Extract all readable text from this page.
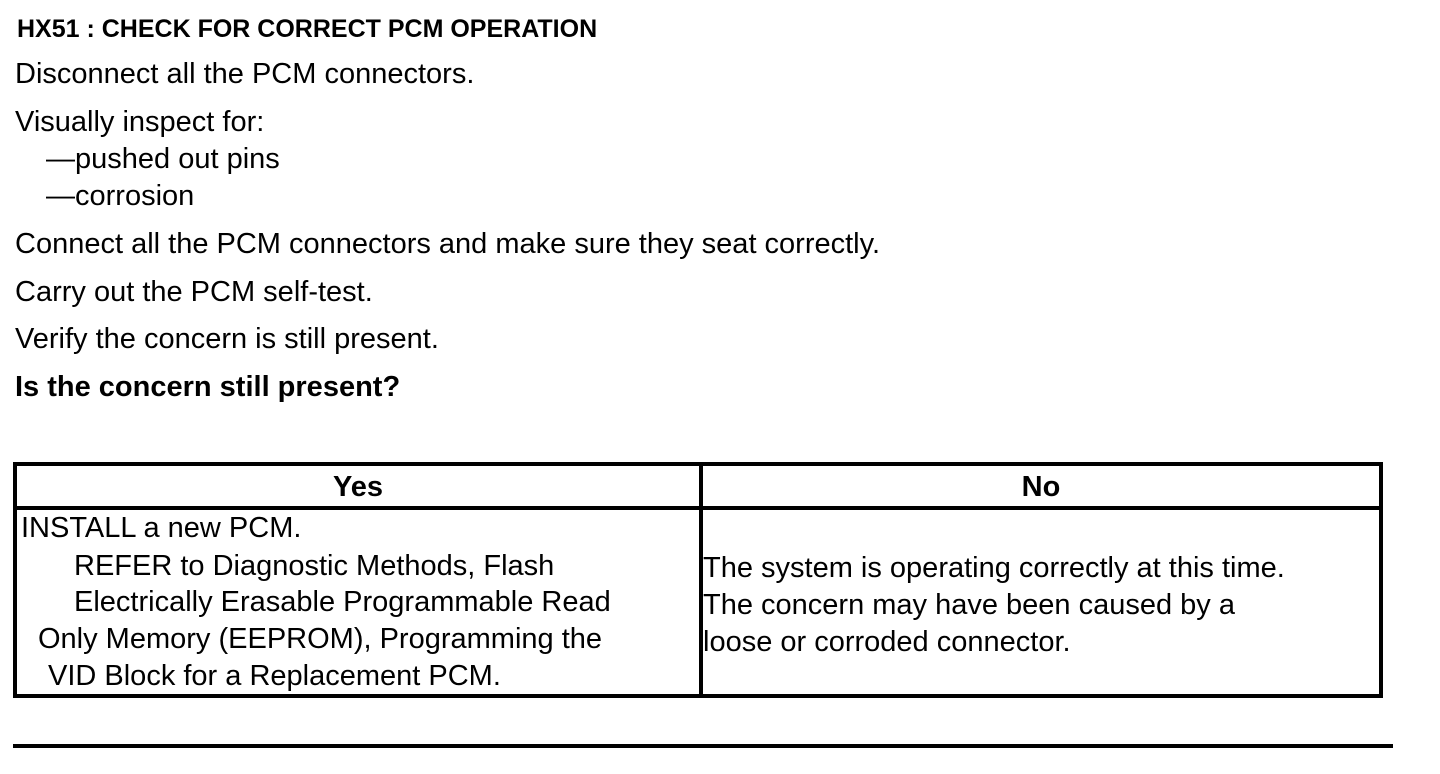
HX51 : CHECK FOR CORRECT PCM OPERATION
Disconnect all the PCM connectors.
Visually inspect for:
—pushed out pins
—corrosion
Connect all the PCM connectors and make sure they seat correctly.
Carry out the PCM self-test.
Verify the concern is still present.
Is the concern still present?
Yes	No
INSTALL a new PCM.
REFER to Diagnostic Methods, Flash
Electrically Erasable Programmable Read
Only Memory (EEPROM), Programming the
VID Block for a Replacement PCM.
The system is operating correctly at this time.
The concern may have been caused by a
loose or corroded connector.
